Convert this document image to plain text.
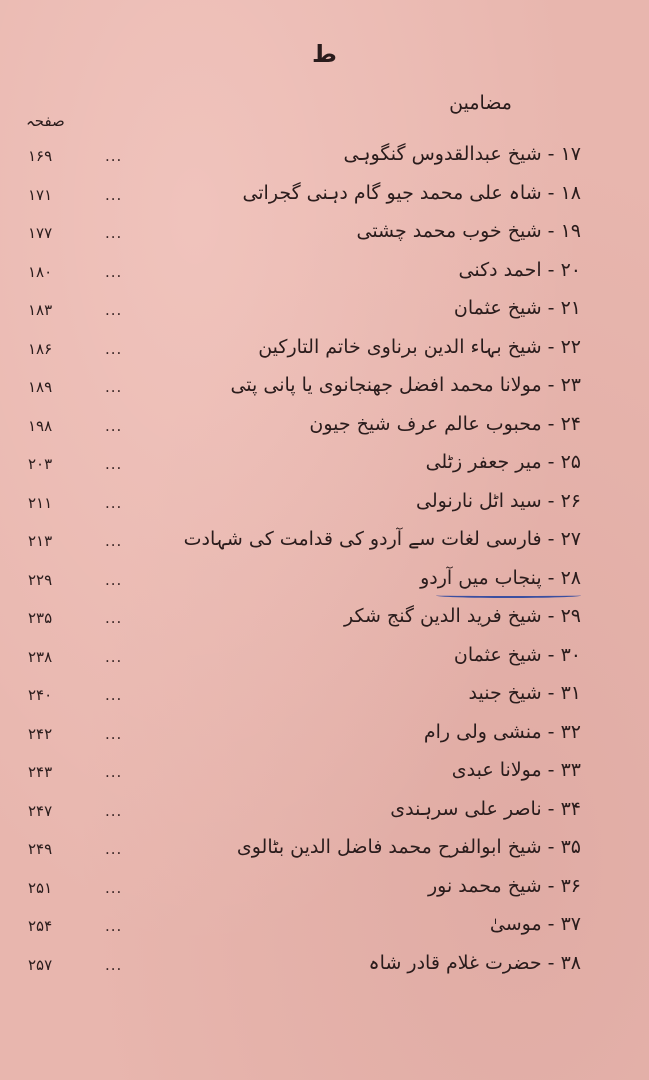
ط
مضامین
صفحہ
۱۷ - شیخ عبدالقدوس گنگوہی
...
۱۶۹
۱۸ - شاہ علی محمد جیو گام دہنی گجراتی
...
۱۷۱
۱۹ - شیخ خوب محمد چشتی
...
۱۷۷
۲۰ - احمد دکنی
...
۱۸۰
۲۱ - شیخ عثمان
...
۱۸۳
۲۲ - شیخ بہاء الدین برناوی خاتم التارکین
...
۱۸۶
۲۳ - مولانا محمد افضل جھنجانوی یا پانی پتی
...
۱۸۹
۲۴ - محبوب عالم عرف شیخ جیون
...
۱۹۸
۲۵ - میر جعفر زٹلی
...
۲۰۳
۲۶ - سید اٹل نارنولی
...
۲۱۱
۲۷ - فارسی لغات سے آردو کی قدامت کی شہادت
...
۲۱۳
۲۸ - پنجاب میں آردو
...
۲۲۹
۲۹ - شیخ فرید الدین گنج شکر
...
۲۳۵
۳۰ - شیخ عثمان
...
۲۳۸
۳۱ - شیخ جنید
...
۲۴۰
۳۲ - منشی ولی رام
...
۲۴۲
۳۳ - مولانا عبدی
...
۲۴۳
۳۴ - ناصر علی سرہندی
...
۲۴۷
۳۵ - شیخ ابوالفرح محمد فاضل الدین بٹالوی
...
۲۴۹
۳۶ - شیخ محمد نور
...
۲۵۱
۳۷ - موسیٰ
...
۲۵۴
۳۸ - حضرت غلام قادر شاہ
...
۲۵۷
